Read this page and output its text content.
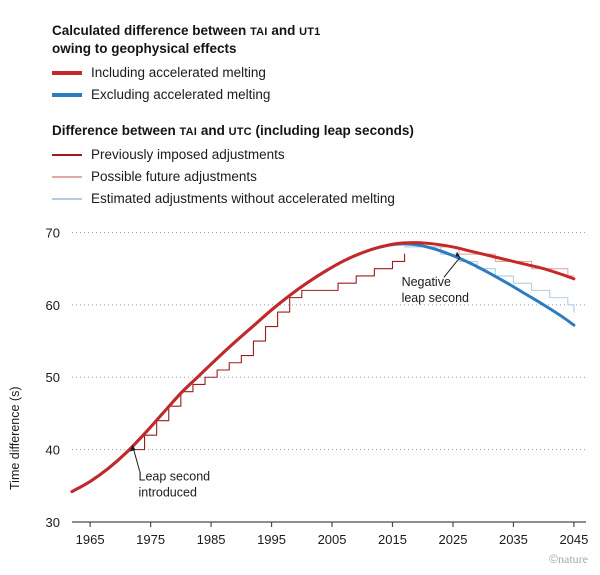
Calculated difference between TAI and UT1
owing to geophysical effects
Including accelerated melting
Excluding accelerated melting
Difference between TAI and UTC (including leap seconds)
Previously imposed adjustments
Possible future adjustments
Estimated adjustments without accelerated melting
Time difference (s)
30
40
50
60
70
1965 1975 1985 1995 2005 2015 2025 2035 2045
Leap second
introduced
Negative
leap second
©nature
